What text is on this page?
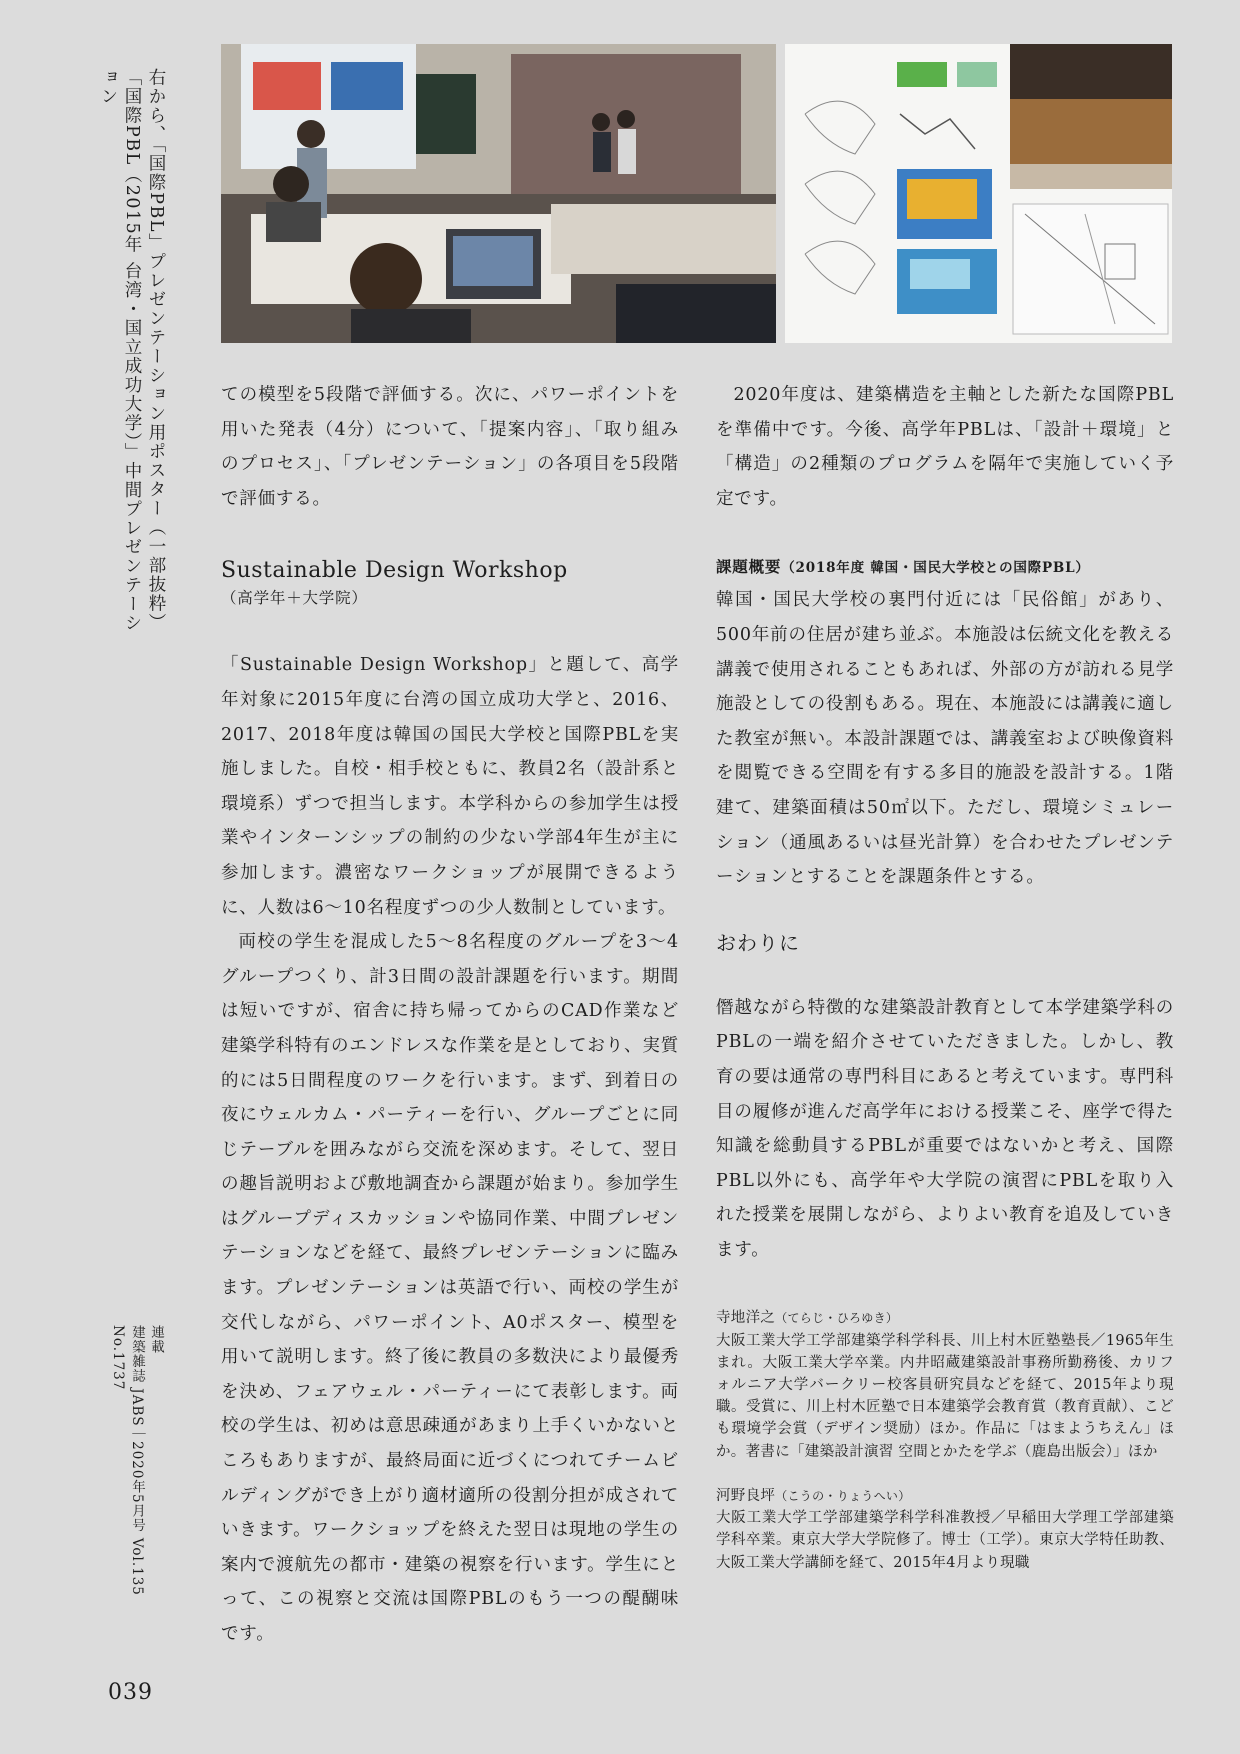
右から、「国際PBL」プレゼンテーション用ポスター（一部抜粋）
「国際PBL（2015年 台湾・国立成功大学）」中間プレゼンテーション
連載
建築雑誌 JABS｜2020年5月号 Vol.135 No.1737
039

ての模型を5段階で評価する。次に、パワーポイントを用いた発表（4分）について、「提案内容」、「取り組みのプロセス」、「プレゼンテーション」の各項目を5段階で評価する。

Sustainable Design Workshop
（高学年＋大学院）

「Sustainable Design Workshop」と題して、高学年対象に2015年度に台湾の国立成功大学と、2016、2017、2018年度は韓国の国民大学校と国際PBLを実施しました。自校・相手校ともに、教員2名（設計系と環境系）ずつで担当します。本学科からの参加学生は授業やインターンシップの制約の少ない学部4年生が主に参加します。濃密なワークショップが展開できるように、人数は6〜10名程度ずつの少人数制としています。

両校の学生を混成した5〜8名程度のグループを3〜4グループつくり、計3日間の設計課題を行います。期間は短いですが、宿舎に持ち帰ってからのCAD作業など建築学科特有のエンドレスな作業を是としており、実質的には5日間程度のワークを行います。まず、到着日の夜にウェルカム・パーティーを行い、グループごとに同じテーブルを囲みながら交流を深めます。そして、翌日の趣旨説明および敷地調査から課題が始まり。参加学生はグループディスカッションや協同作業、中間プレゼンテーションなどを経て、最終プレゼンテーションに臨みます。プレゼンテーションは英語で行い、両校の学生が交代しながら、パワーポイント、A0ポスター、模型を用いて説明します。終了後に教員の多数決により最優秀を決め、フェアウェル・パーティーにて表彰します。両校の学生は、初めは意思疎通があまり上手くいかないところもありますが、最終局面に近づくにつれてチームビルディングができ上がり適材適所の役割分担が成されていきます。ワークショップを終えた翌日は現地の学生の案内で渡航先の都市・建築の視察を行います。学生にとって、この視察と交流は国際PBLのもう一つの醍醐味です。

2020年度は、建築構造を主軸とした新たな国際PBLを準備中です。今後、高学年PBLは、「設計＋環境」と「構造」の2種類のプログラムを隔年で実施していく予定です。

課題概要（2018年度 韓国・国民大学校との国際PBL）

韓国・国民大学校の裏門付近には「民俗館」があり、500年前の住居が建ち並ぶ。本施設は伝統文化を教える講義で使用されることもあれば、外部の方が訪れる見学施設としての役割もある。現在、本施設には講義に適した教室が無い。本設計課題では、講義室および映像資料を閲覧できる空間を有する多目的施設を設計する。1階建て、建築面積は50㎡以下。ただし、環境シミュレーション（通風あるいは昼光計算）を合わせたプレゼンテーションとすることを課題条件とする。

おわりに

僭越ながら特徴的な建築設計教育として本学建築学科のPBLの一端を紹介させていただきました。しかし、教育の要は通常の専門科目にあると考えています。専門科目の履修が進んだ高学年における授業こそ、座学で得た知識を総動員するPBLが重要ではないかと考え、国際PBL以外にも、高学年や大学院の演習にPBLを取り入れた授業を展開しながら、よりよい教育を追及していきます。

寺地洋之（てらじ・ひろゆき）
大阪工業大学工学部建築学科学科長、川上村木匠塾塾長／1965年生まれ。大阪工業大学卒業。内井昭蔵建築設計事務所勤務後、カリフォルニア大学バークリー校客員研究員などを経て、2015年より現職。受賞に、川上村木匠塾で日本建築学会教育賞（教育貢献）、こども環境学会賞（デザイン奨励）ほか。作品に「はまようちえん」ほか。著書に「建築設計演習 空間とかたを学ぶ（鹿島出版会）」ほか
河野良坪（こうの・りょうへい）
大阪工業大学工学部建築学科学科准教授／早稲田大学理工学部建築学科卒業。東京大学大学院修了。博士（工学）。東京大学特任助教、大阪工業大学講師を経て、2015年4月より現職
